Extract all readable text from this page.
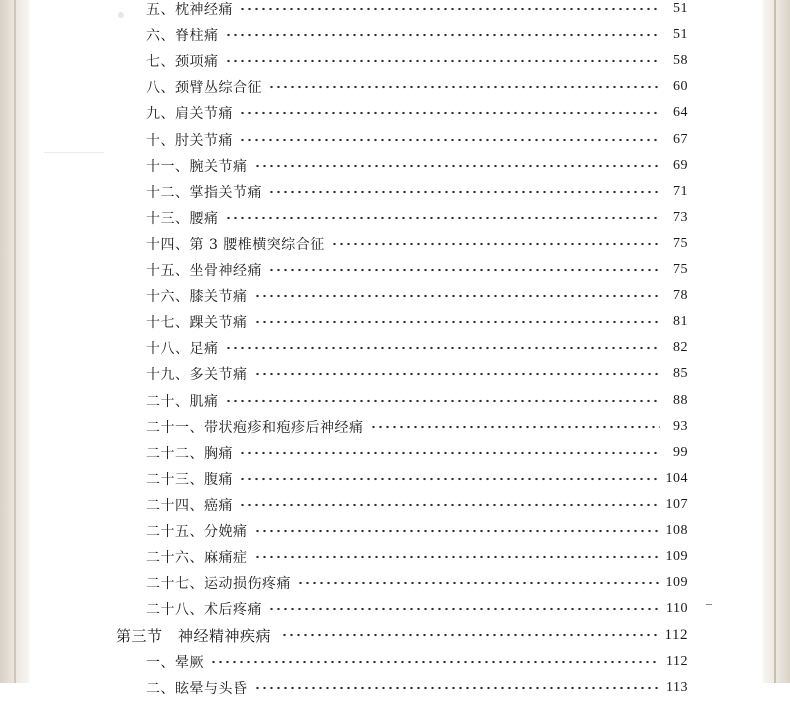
五、枕神经痛	51
六、脊柱痛	51
七、颈项痛	58
八、颈臂丛综合征	60
九、肩关节痛	64
十、肘关节痛	67
十一、腕关节痛	69
十二、掌指关节痛	71
十三、腰痛	73
十四、第 3 腰椎横突综合征	75
十五、坐骨神经痛	75
十六、膝关节痛	78
十七、踝关节痛	81
十八、足痛	82
十九、多关节痛	85
二十、肌痛	88
二十一、带状疱疹和疱疹后神经痛	93
二十二、胸痛	99
二十三、腹痛	104
二十四、癌痛	107
二十五、分娩痛	108
二十六、麻痛症	109
二十七、运动损伤疼痛	109
二十八、术后疼痛	110
第三节　神经精神疾病	112
一、晕厥	112
二、眩晕与头昏	113
